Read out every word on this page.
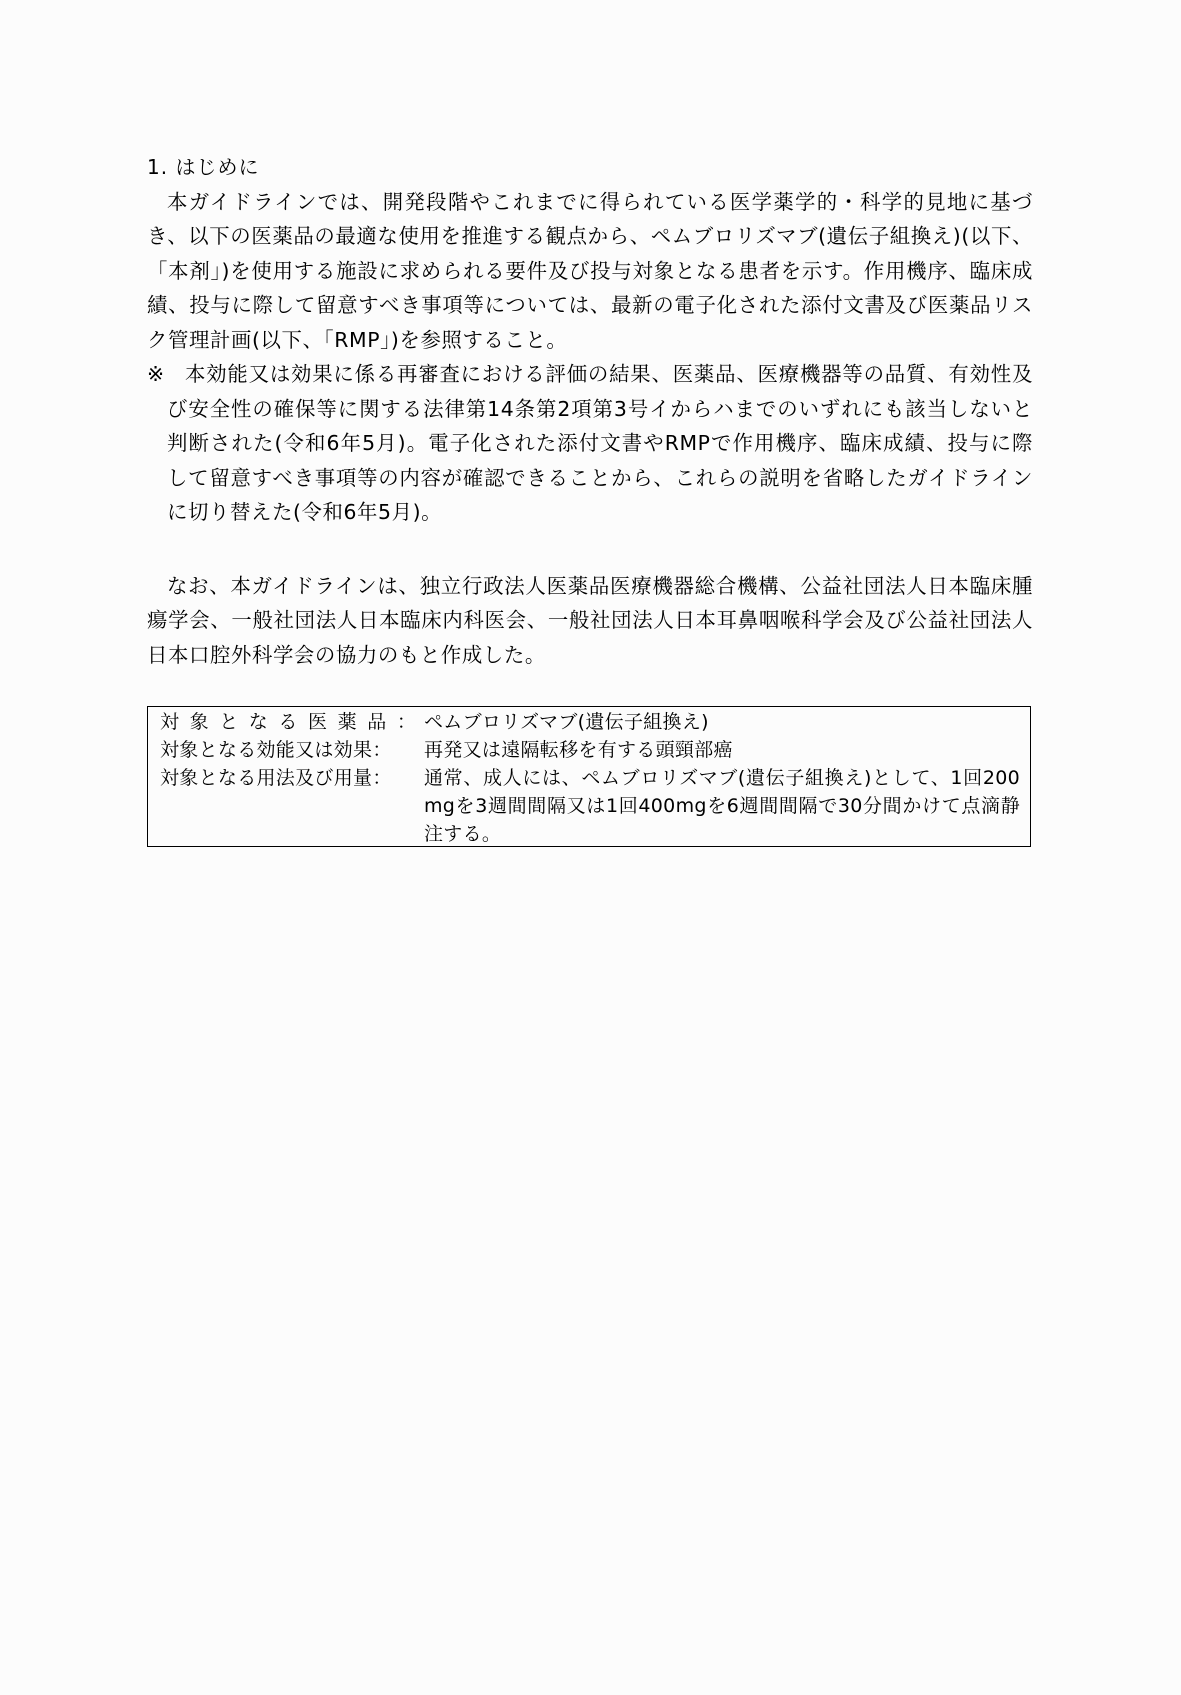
1. はじめに

本ガイドラインでは、開発段階やこれまでに得られている医学薬学的・科学的見地に基づき、以下の医薬品の最適な使用を推進する観点から、ペムブロリズマブ(遺伝子組換え)(以下、「本剤」)を使用する施設に求められる要件及び投与対象となる患者を示す。作用機序、臨床成績、投与に際して留意すべき事項等については、最新の電子化された添付文書及び医薬品リスク管理計画(以下、「RMP」)を参照すること。

※ 本効能又は効果に係る再審査における評価の結果、医薬品、医療機器等の品質、有効性及び安全性の確保等に関する法律第14条第2項第3号イからハまでのいずれにも該当しないと判断された(令和6年5月)。電子化された添付文書やRMPで作用機序、臨床成績、投与に際して留意すべき事項等の内容が確認できることから、これらの説明を省略したガイドラインに切り替えた(令和6年5月)。

なお、本ガイドラインは、独立行政法人医薬品医療機器総合機構、公益社団法人日本臨床腫瘍学会、一般社団法人日本臨床内科医会、一般社団法人日本耳鼻咽喉科学会及び公益社団法人日本口腔外科学会の協力のもと作成した。

対象となる医薬品： ペムブロリズマブ(遺伝子組換え)
対象となる効能又は効果：	再発又は遠隔転移を有する頭頸部癌
対象となる用法及び用量：	通常、成人には、ペムブロリズマブ(遺伝子組換え)として、1回200mgを3週間間隔又は1回400mgを6週間間隔で30分間かけて点滴静注する。
